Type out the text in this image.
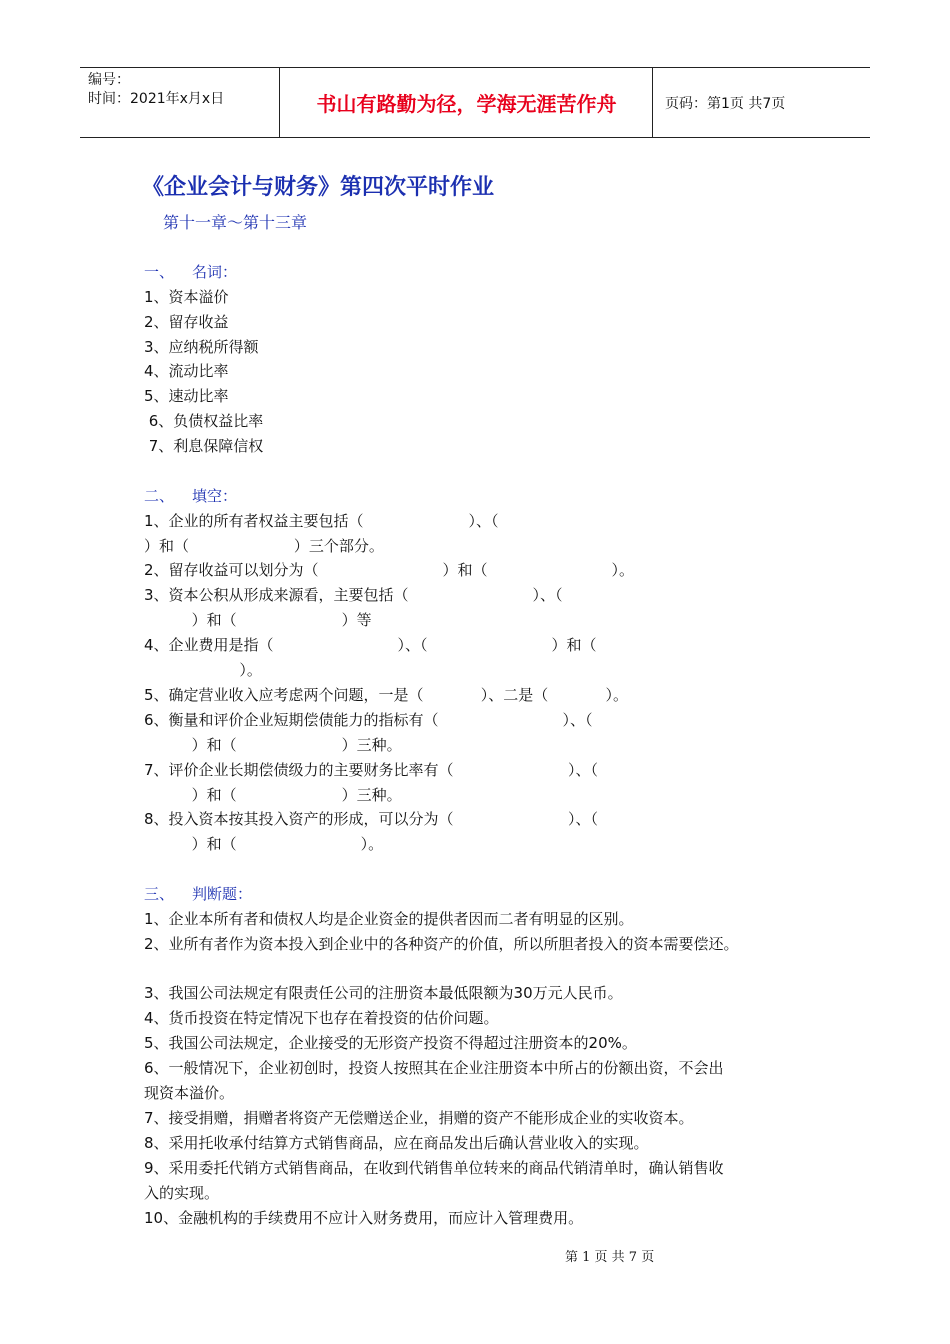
编号：
时间：2021年x月x日	书山有路勤为径，学海无涯苦作舟	页码：第1页 共7页
《企业会计与财务》第四次平时作业
第十一章～第十三章
一、 名词：
1、资本溢价
2、留存收益
3、应纳税所得额
4、流动比率
5、速动比率
6、负债权益比率
7、利息保障信权
二、 填空：
1、企业的所有者权益主要包括（                      ）、（
）和（                      ）三个部分。
2、留存收益可以划分为（                          ）和（                          ）。
3、资本公积从形成来源看，主要包括（                          ）、（
）和（                      ）等
4、企业费用是指（                          ）、（                          ）和（
）。
5、确定营业收入应考虑两个问题，一是（            ）、二是（            ）。
6、衡量和评价企业短期偿债能力的指标有（                          ）、（
）和（                      ）三种。
7、评价企业长期偿债级力的主要财务比率有（                        ）、（
）和（                      ）三种。
8、投入资本按其投入资产的形成，可以分为（                        ）、（
）和（                          ）。
三、 判断题：
1、企业本所有者和债权人均是企业资金的提供者因而二者有明显的区别。
2、业所有者作为资本投入到企业中的各种资产的价值，所以所胆者投入的资本需要偿还。
3、我国公司法规定有限责任公司的注册资本最低限额为30万元人民币。
4、货币投资在特定情况下也存在着投资的估价问题。
5、我国公司法规定，企业接受的无形资产投资不得超过注册资本的20%。
6、一般情况下，企业初创时，投资人按照其在企业注册资本中所占的份额出资，不会出
现资本溢价。
7、接受捐赠，捐赠者将资产无偿赠送企业，捐赠的资产不能形成企业的实收资本。
8、采用托收承付结算方式销售商品，应在商品发出后确认营业收入的实现。
9、采用委托代销方式销售商品，在收到代销售单位转来的商品代销清单时，确认销售收
入的实现。
10、金融机构的手续费用不应计入财务费用，而应计入管理费用。
第 1 页 共 7 页
